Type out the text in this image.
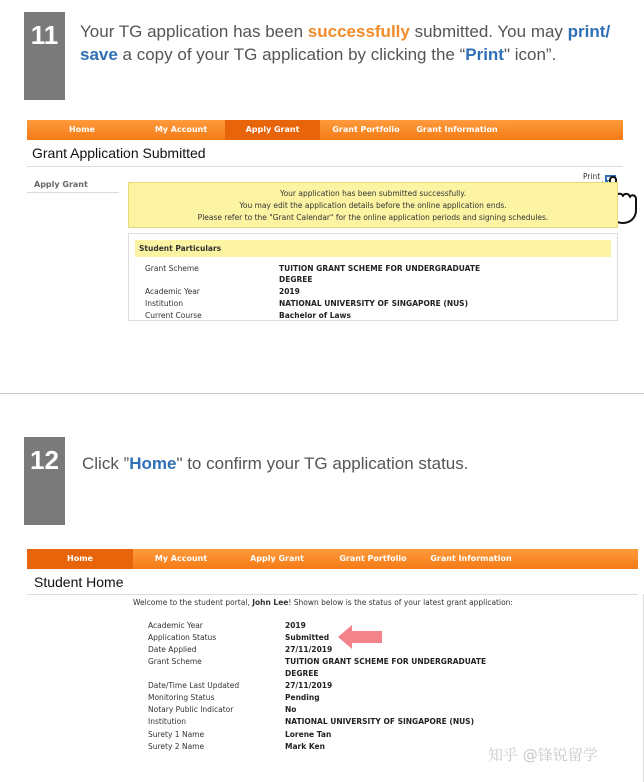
11	Your TG application has been successfully submitted. You may print/ save a copy of your TG application by clicking the “Print" icon”.
Home	My Account	Apply Grant	Grant Portfolio	Grant Information
Grant Application Submitted
Apply Grant
Print
Your application has been submitted successfully.
You may edit the application details before the online application ends.
Please refer to the "Grant Calendar" for the online application periods and signing schedules.
Student Particulars
Grant Scheme	TUITION GRANT SCHEME FOR UNDERGRADUATE
DEGREE
Academic Year	2019
Institution	NATIONAL UNIVERSITY OF SINGAPORE (NUS)
Current Course	Bachelor of Laws
12	Click ”Home" to confirm your TG application status.
Home	My Account	Apply Grant	Grant Portfolio	Grant Information
Student Home
Welcome to the student portal, John Lee! Shown below is the status of your latest grant application:
Academic Year	2019
Application Status	Submitted
Date Applied	27/11/2019
Grant Scheme	TUITION GRANT SCHEME FOR UNDERGRADUATE
DEGREE
Date/Time Last Updated	27/11/2019
Monitoring Status	Pending
Notary Public Indicator	No
Institution	NATIONAL UNIVERSITY OF SINGAPORE (NUS)
Surety 1 Name	Lorene Tan
Surety 2 Name	Mark Ken	知乎 @锋锐留学
